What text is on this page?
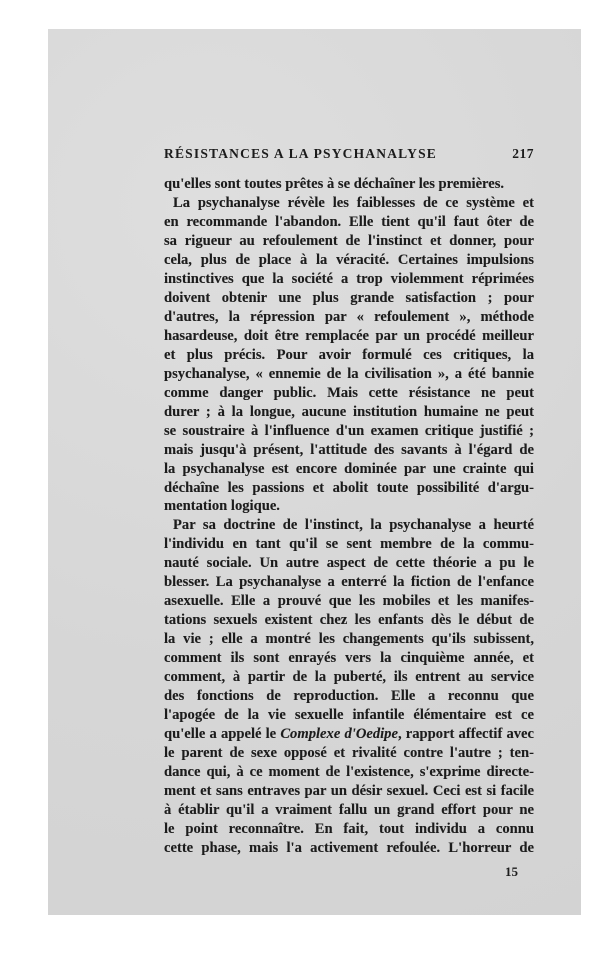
RÉSISTANCES A LA PSYCHANALYSE	217
qu'elles sont toutes prêtes à se déchaîner les premières.
La psychanalyse révèle les faiblesses de ce système et
en recommande l'abandon. Elle tient qu'il faut ôter de
sa rigueur au refoulement de l'instinct et donner, pour
cela, plus de place à la véracité. Certaines impulsions
instinctives que la société a trop violemment réprimées
doivent obtenir une plus grande satisfaction ; pour
d'autres, la répression par « refoulement », méthode
hasardeuse, doit être remplacée par un procédé meilleur
et plus précis. Pour avoir formulé ces critiques, la
psychanalyse, « ennemie de la civilisation », a été bannie
comme danger public. Mais cette résistance ne peut
durer ; à la longue, aucune institution humaine ne peut
se soustraire à l'influence d'un examen critique justifié ;
mais jusqu'à présent, l'attitude des savants à l'égard de
la psychanalyse est encore dominée par une crainte qui
déchaîne les passions et abolit toute possibilité d'argu-
mentation logique.
Par sa doctrine de l'instinct, la psychanalyse a heurté
l'individu en tant qu'il se sent membre de la commu-
nauté sociale. Un autre aspect de cette théorie a pu le
blesser. La psychanalyse a enterré la fiction de l'enfance
asexuelle. Elle a prouvé que les mobiles et les manifes-
tations sexuels existent chez les enfants dès le début de
la vie ; elle a montré les changements qu'ils subissent,
comment ils sont enrayés vers la cinquième année, et
comment, à partir de la puberté, ils entrent au service
des fonctions de reproduction. Elle a reconnu que
l'apogée de la vie sexuelle infantile élémentaire est ce
qu'elle a appelé le Complexe d'Oedipe, rapport affectif avec
le parent de sexe opposé et rivalité contre l'autre ; ten-
dance qui, à ce moment de l'existence, s'exprime directe-
ment et sans entraves par un désir sexuel. Ceci est si facile
à établir qu'il a vraiment fallu un grand effort pour ne
le point reconnaître. En fait, tout individu a connu
cette phase, mais l'a activement refoulée. L'horreur de
15
